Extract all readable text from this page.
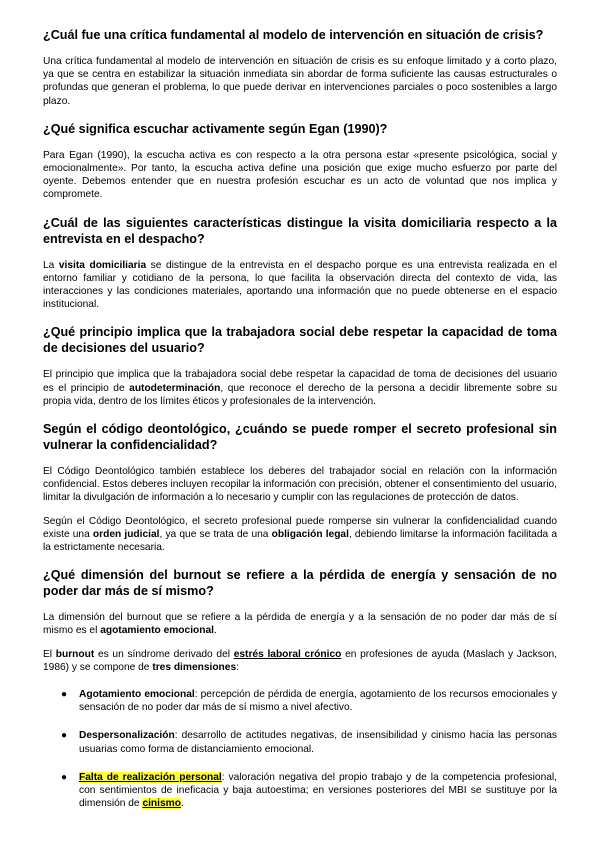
¿Cuál fue una crítica fundamental al modelo de intervención en situación de crisis?

Una crítica fundamental al modelo de intervención en situación de crisis es su enfoque limitado y a corto plazo, ya que se centra en estabilizar la situación inmediata sin abordar de forma suficiente las causas estructurales o profundas que generan el problema, lo que puede derivar en intervenciones parciales o poco sostenibles a largo plazo.

¿Qué significa escuchar activamente según Egan (1990)?

Para Egan (1990), la escucha activa es con respecto a la otra persona estar «presente psicológica, social y emocionalmente». Por tanto, la escucha activa define una posición que exige mucho esfuerzo por parte del oyente. Debemos entender que en nuestra profesión escuchar es un acto de voluntad que nos implica y compromete.

¿Cuál de las siguientes características distingue la visita domiciliaria respecto a la entrevista en el despacho?

La visita domiciliaria se distingue de la entrevista en el despacho porque es una entrevista realizada en el entorno familiar y cotidiano de la persona, lo que facilita la observación directa del contexto de vida, las interacciones y las condiciones materiales, aportando una información que no puede obtenerse en el espacio institucional.

¿Qué principio implica que la trabajadora social debe respetar la capacidad de toma de decisiones del usuario?

El principio que implica que la trabajadora social debe respetar la capacidad de toma de decisiones del usuario es el principio de autodeterminación, que reconoce el derecho de la persona a decidir libremente sobre su propia vida, dentro de los límites éticos y profesionales de la intervención.

Según el código deontológico, ¿cuándo se puede romper el secreto profesional sin vulnerar la confidencialidad?

El Código Deontológico también establece los deberes del trabajador social en relación con la información confidencial. Estos deberes incluyen recopilar la información con precisión, obtener el consentimiento del usuario, limitar la divulgación de información a lo necesario y cumplir con las regulaciones de protección de datos.

Según el Código Deontológico, el secreto profesional puede romperse sin vulnerar la confidencialidad cuando existe una orden judicial, ya que se trata de una obligación legal, debiendo limitarse la información facilitada a la estrictamente necesaria.

¿Qué dimensión del burnout se refiere a la pérdida de energía y sensación de no poder dar más de sí mismo?

La dimensión del burnout que se refiere a la pérdida de energía y a la sensación de no poder dar más de sí mismo es el agotamiento emocional.

El burnout es un síndrome derivado del estrés laboral crónico en profesiones de ayuda (Maslach y Jackson, 1986) y se compone de tres dimensiones:

● Agotamiento emocional: percepción de pérdida de energía, agotamiento de los recursos emocionales y sensación de no poder dar más de sí mismo a nivel afectivo.
● Despersonalización: desarrollo de actitudes negativas, de insensibilidad y cinismo hacia las personas usuarias como forma de distanciamiento emocional.
● Falta de realización personal: valoración negativa del propio trabajo y de la competencia profesional, con sentimientos de ineficacia y baja autoestima; en versiones posteriores del MBI se sustituye por la dimensión de cinismo.
